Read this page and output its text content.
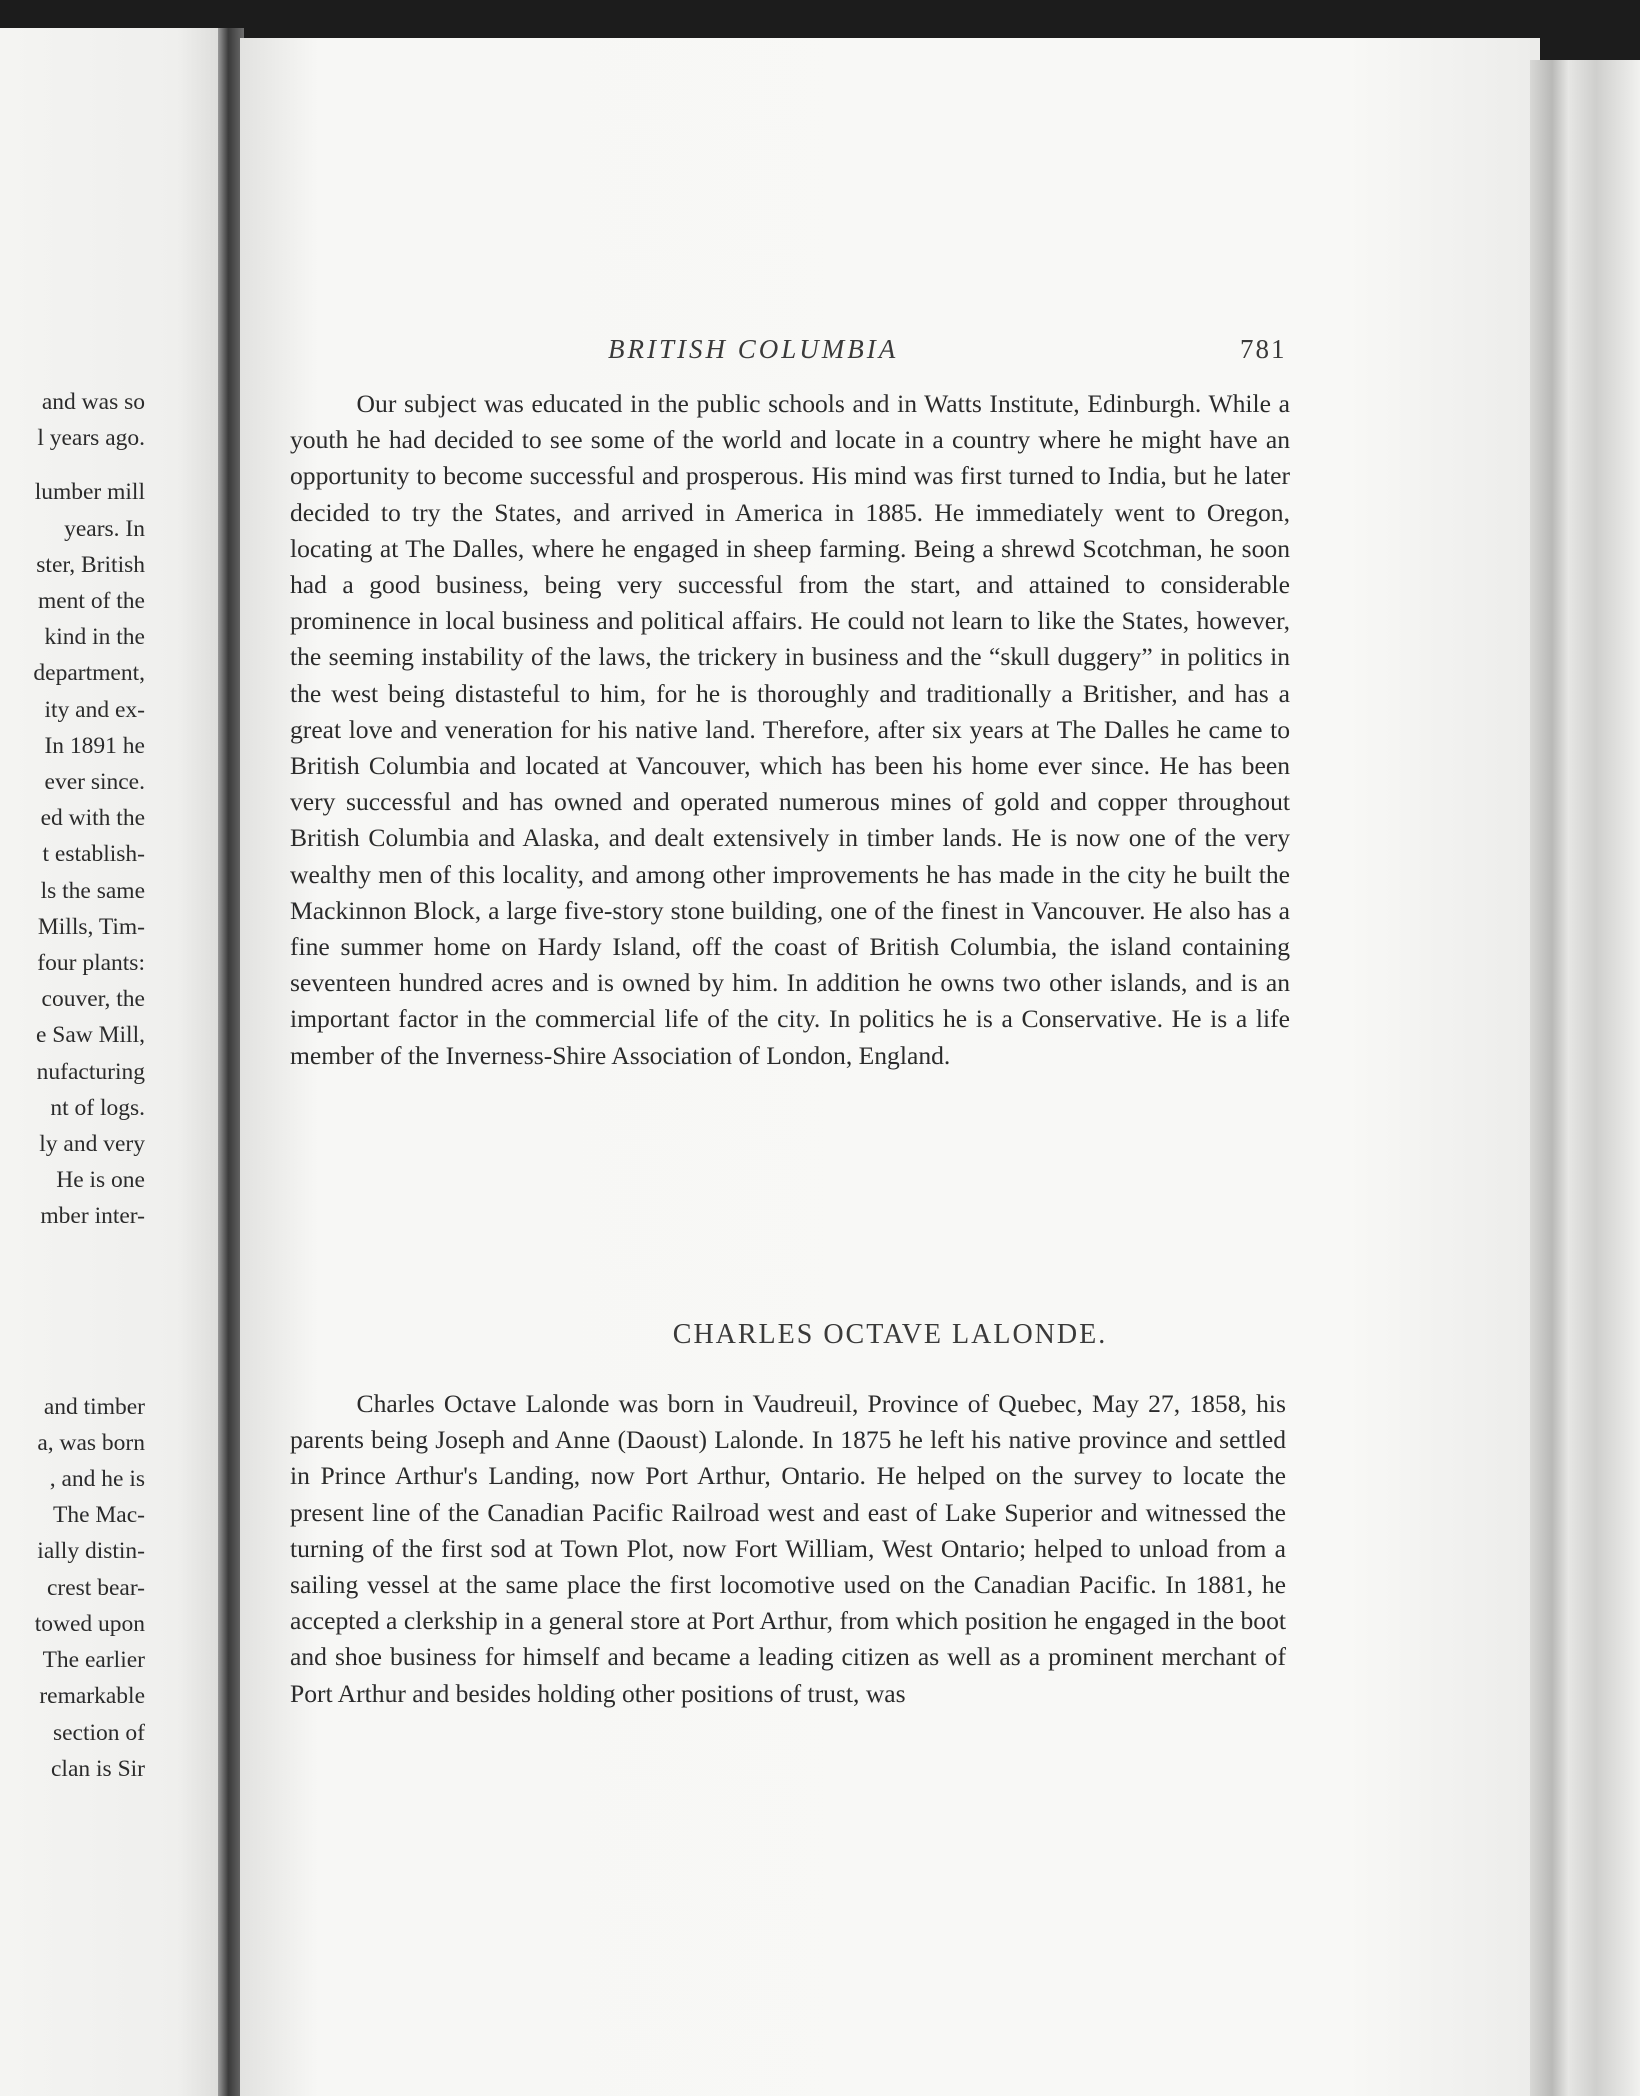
and was so
l years ago.
lumber mill
years. In
ster, British
ment of the
kind in the
department,
ity and ex-
In 1891 he
ever since.
ed with the
t establish-
ls the same
Mills, Tim-
four plants:
couver, the
e Saw Mill,
nufacturing
nt of logs.
ly and very
He is one
mber inter-
and timber
a, was born
, and he is
The Mac-
ially distin-
crest bear-
towed upon
The earlier
remarkable
section of
clan is Sir
BRITISH COLUMBIA	781

Our subject was educated in the public schools and in Watts Institute, Edinburgh. While a youth he had decided to see some of the world and locate in a country where he might have an opportunity to become successful and prosperous. His mind was first turned to India, but he later decided to try the States, and arrived in America in 1885. He immediately went to Oregon, locating at The Dalles, where he engaged in sheep farming. Being a shrewd Scotchman, he soon had a good business, being very successful from the start, and attained to considerable prominence in local business and political affairs. He could not learn to like the States, however, the seeming instability of the laws, the trickery in business and the “skull duggery” in politics in the west being distasteful to him, for he is thoroughly and traditionally a Britisher, and has a great love and veneration for his native land. Therefore, after six years at The Dalles he came to British Columbia and located at Vancouver, which has been his home ever since. He has been very successful and has owned and operated numerous mines of gold and copper throughout British Columbia and Alaska, and dealt extensively in timber lands. He is now one of the very wealthy men of this locality, and among other improvements he has made in the city he built the Mackinnon Block, a large five-story stone building, one of the finest in Vancouver. He also has a fine summer home on Hardy Island, off the coast of British Columbia, the island containing seventeen hundred acres and is owned by him. In addition he owns two other islands, and is an important factor in the commercial life of the city. In politics he is a Conservative. He is a life member of the Inverness-Shire Association of London, England.

CHARLES OCTAVE LALONDE.

Charles Octave Lalonde was born in Vaudreuil, Province of Quebec, May 27, 1858, his parents being Joseph and Anne (Daoust) Lalonde. In 1875 he left his native province and settled in Prince Arthur's Landing, now Port Arthur, Ontario. He helped on the survey to locate the present line of the Canadian Pacific Railroad west and east of Lake Superior and witnessed the turning of the first sod at Town Plot, now Fort William, West Ontario; helped to unload from a sailing vessel at the same place the first locomotive used on the Canadian Pacific. In 1881, he accepted a clerkship in a general store at Port Arthur, from which position he engaged in the boot and shoe business for himself and became a leading citizen as well as a prominent merchant of Port Arthur and besides holding other positions of trust, was
